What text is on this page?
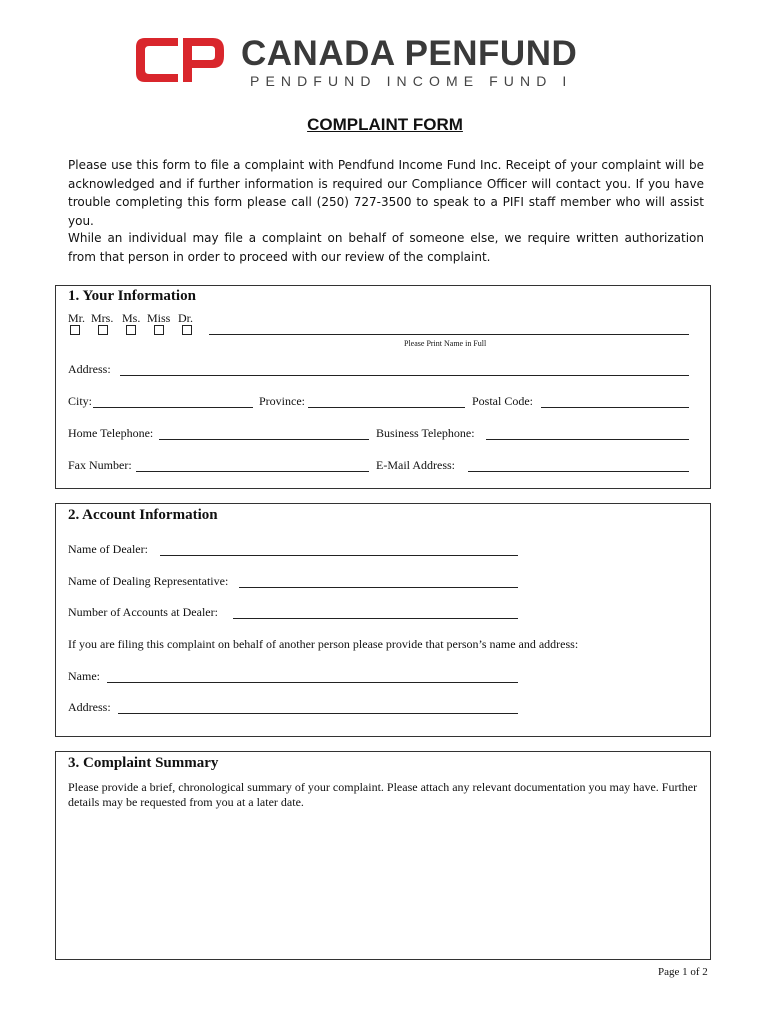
CANADA PENFUND
PENDFUND INCOME FUND I
COMPLAINT FORM

Please use this form to file a complaint with Pendfund Income Fund Inc. Receipt of your complaint will be acknowledged and if further information is required our Compliance Officer will contact you. If you have trouble completing this form please call (250) 727-3500 to speak to a PIFI staff member who will assist you.

While an individual may file a complaint on behalf of someone else, we require written authorization from that person in order to proceed with our review of the complaint.

1. Your Information
Mr. Mrs. Ms. Miss Dr.
Please Print Name in Full
Address:
City:	Province:	Postal Code:
Home Telephone:	Business Telephone:
Fax Number:	E-Mail Address:
2. Account Information
Name of Dealer:
Name of Dealing Representative:
Number of Accounts at Dealer:
If you are filing this complaint on behalf of another person please provide that person’s name and address:
Name:
Address:
3. Complaint Summary

Please provide a brief, chronological summary of your complaint. Please attach any relevant documentation you may have. Further details may be requested from you at a later date.

Page 1 of 2
